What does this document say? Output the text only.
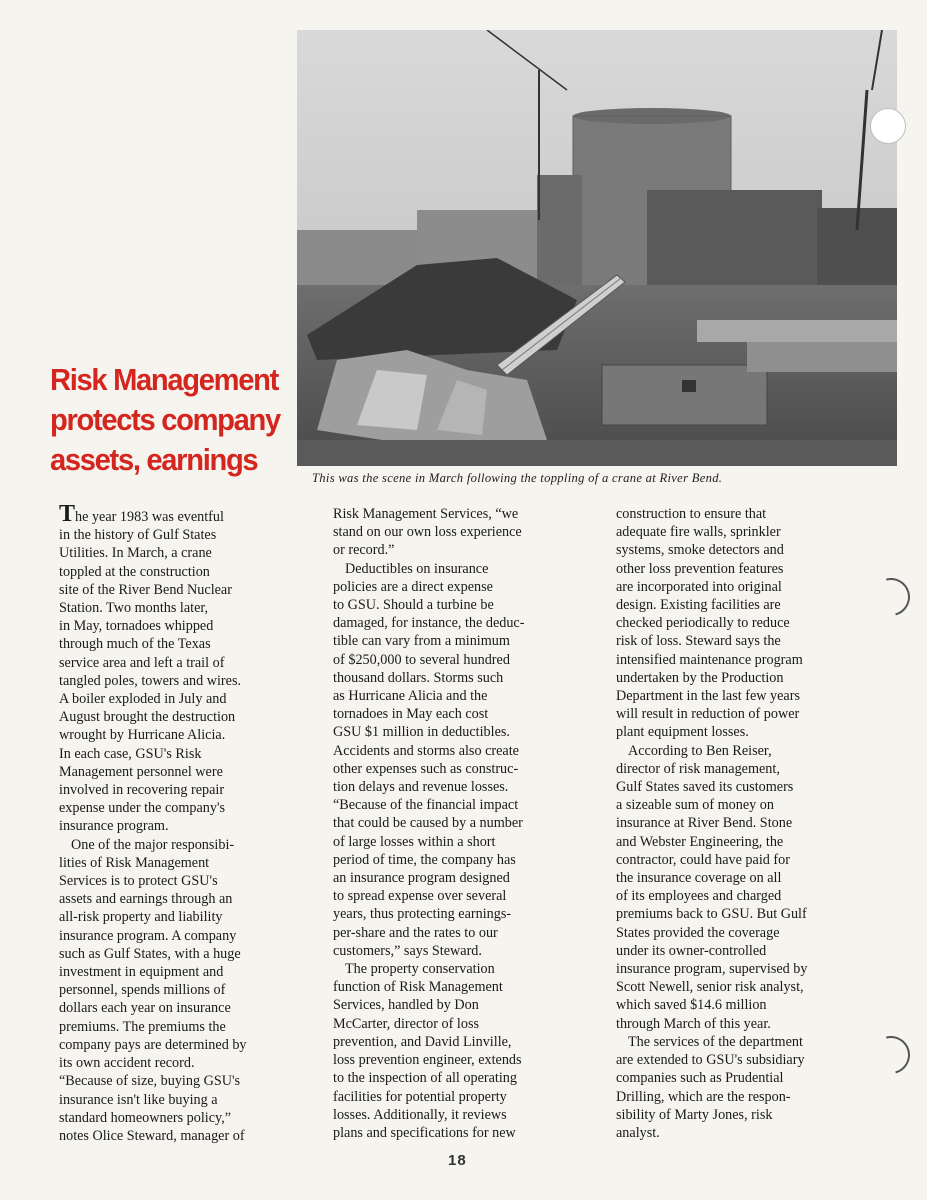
This was the scene in March following the toppling of a crane at River Bend.
Risk Management
protects company
assets, earnings
The year 1983 was eventful
in the history of Gulf States
Utilities. In March, a crane
toppled at the construction
site of the River Bend Nuclear
Station. Two months later,
in May, tornadoes whipped
through much of the Texas
service area and left a trail of
tangled poles, towers and wires.
A boiler exploded in July and
August brought the destruction
wrought by Hurricane Alicia.
In each case, GSU's Risk
Management personnel were
involved in recovering repair
expense under the company's
insurance program.
One of the major responsibi-
lities of Risk Management
Services is to protect GSU's
assets and earnings through an
all-risk property and liability
insurance program. A company
such as Gulf States, with a huge
investment in equipment and
personnel, spends millions of
dollars each year on insurance
premiums. The premiums the
company pays are determined by
its own accident record.
“Because of size, buying GSU's
insurance isn't like buying a
standard homeowners policy,”
notes Olice Steward, manager of
Risk Management Services, “we
stand on our own loss experience
or record.”
Deductibles on insurance
policies are a direct expense
to GSU. Should a turbine be
damaged, for instance, the deduc-
tible can vary from a minimum
of $250,000 to several hundred
thousand dollars. Storms such
as Hurricane Alicia and the
tornadoes in May each cost
GSU $1 million in deductibles.
Accidents and storms also create
other expenses such as construc-
tion delays and revenue losses.
“Because of the financial impact
that could be caused by a number
of large losses within a short
period of time, the company has
an insurance program designed
to spread expense over several
years, thus protecting earnings-
per-share and the rates to our
customers,” says Steward.
The property conservation
function of Risk Management
Services, handled by Don
McCarter, director of loss
prevention, and David Linville,
loss prevention engineer, extends
to the inspection of all operating
facilities for potential property
losses. Additionally, it reviews
plans and specifications for new
construction to ensure that
adequate fire walls, sprinkler
systems, smoke detectors and
other loss prevention features
are incorporated into original
design. Existing facilities are
checked periodically to reduce
risk of loss. Steward says the
intensified maintenance program
undertaken by the Production
Department in the last few years
will result in reduction of power
plant equipment losses.
According to Ben Reiser,
director of risk management,
Gulf States saved its customers
a sizeable sum of money on
insurance at River Bend. Stone
and Webster Engineering, the
contractor, could have paid for
the insurance coverage on all
of its employees and charged
premiums back to GSU. But Gulf
States provided the coverage
under its owner-controlled
insurance program, supervised by
Scott Newell, senior risk analyst,
which saved $14.6 million
through March of this year.
The services of the department
are extended to GSU's subsidiary
companies such as Prudential
Drilling, which are the respon-
sibility of Marty Jones, risk
analyst.
18
